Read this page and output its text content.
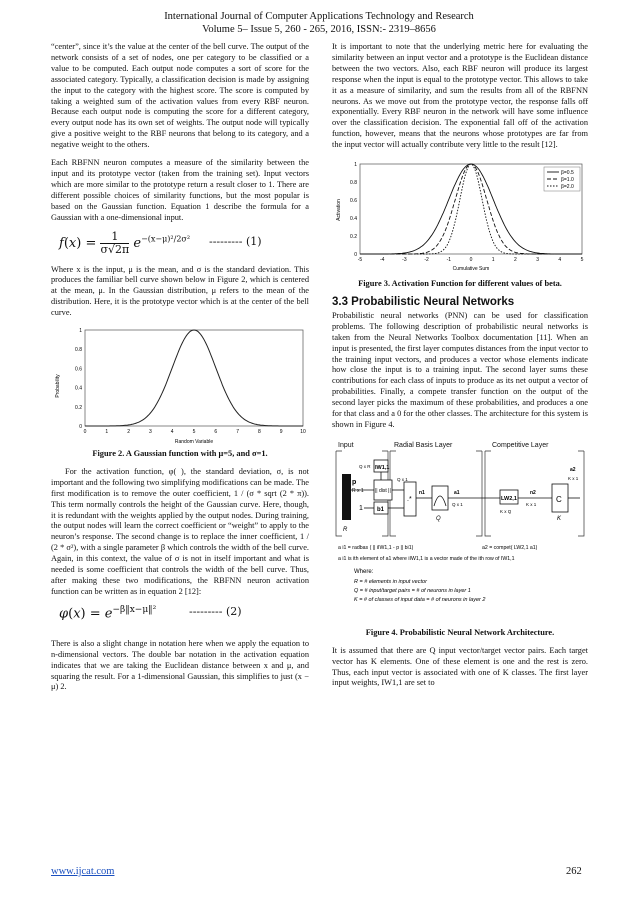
International Journal of Computer Applications Technology and Research
Volume 5– Issue 5, 260 - 265, 2016, ISSN:- 2319–8656

“center”, since it’s the value at the center of the bell curve. The output of the network consists of a set of nodes, one per category to be classified or a value to be computed. Each output node computes a sort of score for the associated category. Typically, a classification decision is made by assigning the input to the category with the highest score. The score is computed by taking a weighted sum of the activation values from every RBF neuron. Because each output node is computing the score for a different category, every output node has its own set of weights. The output node will typically give a positive weight to the RBF neurons that belong to its category, and a negative weight to the others.

Each RBFNN neuron computes a measure of the similarity between the input and its prototype vector (taken from the training set). Input vectors which are more similar to the prototype return a result closer to 1. There are different possible choices of similarity functions, but the most popular is based on the Gaussian function. Equation 1 describe the formula for a Gaussian with a one-dimensional input.

$f(x) = \frac{1}{\sigma√2\pi} e^{-(x-\mu)^2/2\sigma^2}$ --------- (1)

Where x is the input, μ is the mean, and σ is the standard deviation. This produces the familiar bell curve shown below in Figure 2, which is centered at the mean, μ. In the Gaussian distribution, μ refers to the mean of the distribution. Here, it is the prototype vector which is at the center of the bell curve.

1
0.8
0.6
0.4
0.2
0
0	1	2	3	4	5	6	7	8	9	10
Probability
Random Variable

Figure 2. A Gaussian function with μ=5, and σ=1.

For the activation function, φ( ), the standard deviation, σ, is not important and the following two simplifying modifications can be made. The first modification is to remove the outer coefficient, 1 / (σ * sqrt (2 * π)). This term normally controls the height of the Gaussian curve. Here, though, it is redundant with the weights applied by the output nodes. During training, the output nodes will learn the correct coefficient or “weight” to apply to the neuron’s response. The second change is to replace the inner coefficient, 1 / (2 * σ²), with a single parameter β which controls the width of the bell curve. Again, in this context, the value of σ is not in itself important and what is needed is some coefficient that controls the width of the bell curve. Thus, after making these two modifications, the RBFNN neuron activation function can be written as in equation 2 [12]:

$\varphi(x) = e^{-\beta‖x-\mu‖^2}$	--------- (2)

There is also a slight change in notation here when we apply the equation to n-dimensional vectors. The double bar notation in the activation equation indicates that we are taking the Euclidean distance between x and μ, and squaring the result. For a 1-dimensional Gaussian, this simplifies to just (x − μ) 2.

It is important to note that the underlying metric here for evaluating the similarity between an input vector and a prototype is the Euclidean distance between the two vectors. Also, each RBF neuron will produce its largest response when the input is equal to the prototype vector. This allows to take it as a measure of similarity, and sum the results from all of the RBFNN neurons. As we move out from the prototype vector, the response falls off exponentially. Every RBF neuron in the network will have some influence over the classification decision. The exponential fall off of the activation function, however, means that the neurons whose prototypes are far from the input vector will actually contribute very little to the result [12].

1
0.8
0.6
0.4
0.2
0
-5	-4	-3	-2	-1	0	1	2	3	4	5
β=0.5
β=1.0
β=2.0
Activation
Cumulative Sum

Figure 3. Activation Function for different values of beta.

3.3 Probabilistic Neural Networks

Probabilistic neural networks (PNN) can be used for classification problems. The following description of probabilistic neural networks is taken from the Neural Networks Toolbox documentation [11]. When an input is presented, the first layer computes distances from the input vector to the training input vectors, and produces a vector whose elements indicate how close the input is to a training input. The second layer sums these contributions for each class of inputs to produce as its net output a vector of probabilities. Finally, a compete transfer function on the output of the second layer picks the maximum of these probabilities, and produces a one for that class and a 0 for the other classes. The architecture for this system is shown in Figure 4.

Input	Radial Basis Layer	Competitive Layer
p
R x 1
R
IW1,1
Q x R
|| dist ||
1 b1
.*
Q x 1
n1
Q
a1
Q x 1
LW2,1
K x Q
n2
K x 1
C
a2
K x 1
K
a i1 = radbas ( || iIW1,1 - p || bi1)	a2 = compet( LW2,1 a1)
a i1 is ith element of a1 where iIW1,1 is a vector made of the ith row of IW1,1
Where:
R = # elements in input vector
Q = # input/target pairs = # of neurons in layer 1
K = # of classes of input data = # of neurons in layer 2

Figure 4. Probabilistic Neural Network Architecture.

It is assumed that there are Q input vector/target vector pairs. Each target vector has K elements. One of these element is one and the rest is zero. Thus, each input vector is associated with one of K classes. The first layer input weights, IW1,1 are set to

www.ijcat.com	262
